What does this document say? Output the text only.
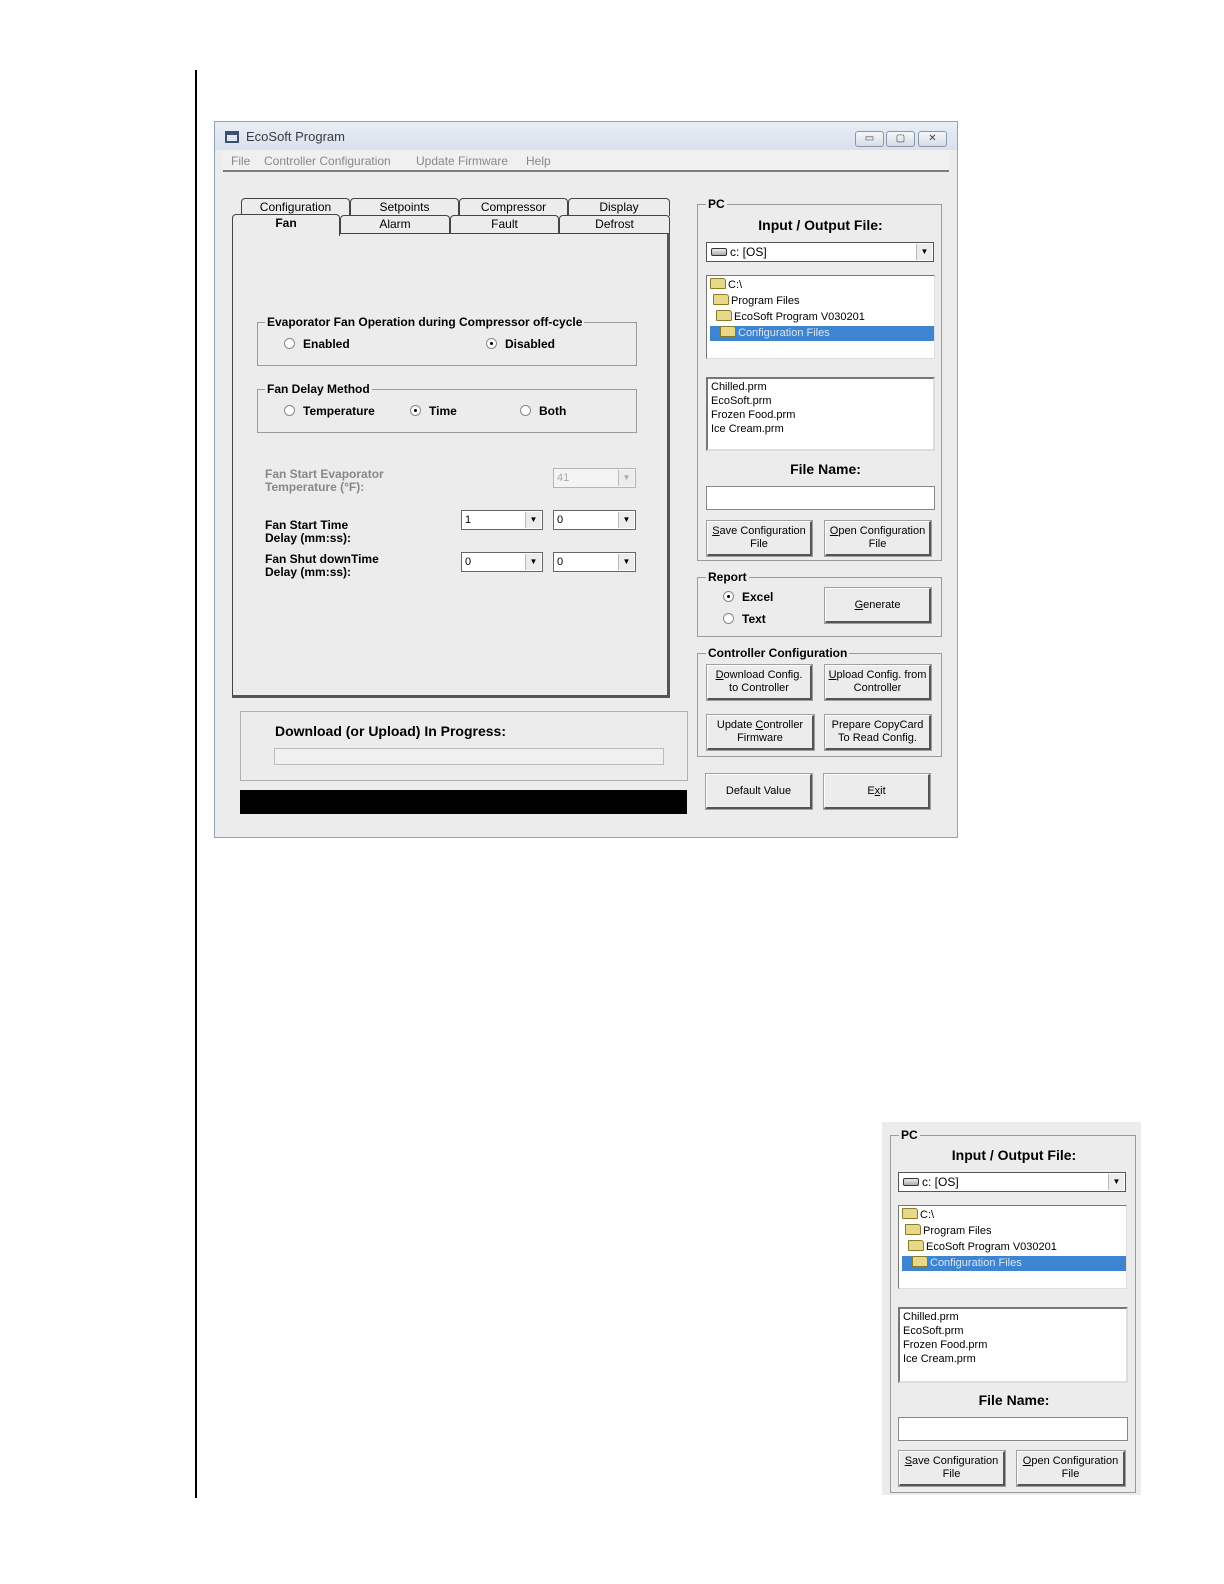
EcoSoft Program	▭	▢	✕
File Controller Configuration Update Firmware Help
Configuration	Setpoints	Compressor	Display
Fan	Alarm	Fault	Defrost
Evaporator Fan Operation during Compressor off-cycle
Enabled	Disabled
Fan Delay Method
Temperature	Time	Both
Fan Start Evaporator
Temperature (°F):
41	▼
Fan Start Time
Delay (mm:ss):
1	▼	0	▼
Fan Shut downTime
Delay (mm:ss):
0	▼	0	▼
Download (or Upload) In Progress:
PC
Input / Output File:
c: [OS]	▼
C:\
Program Files
EcoSoft Program V030201
Configuration Files
Chilled.prm
EcoSoft.prm
Frozen Food.prm
Ice Cream.prm
File Name:
Save Configuration
File
Open Configuration
File
Report
Excel
Text
Generate
Controller Configuration
Download Config.
to Controller
Upload Config. from
Controller
Update Controller
Firmware
Prepare CopyCard
To Read Config.
Default Value	Exit
PC
Input / Output File:
c: [OS]	▼
C:\
Program Files
EcoSoft Program V030201
Configuration Files
Chilled.prm
EcoSoft.prm
Frozen Food.prm
Ice Cream.prm
File Name:
Save Configuration
File
Open Configuration
File
